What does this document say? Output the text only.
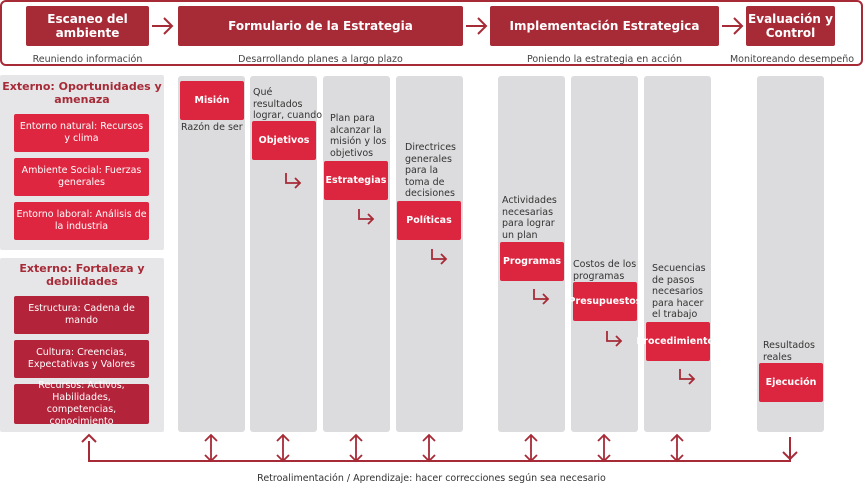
Escaneo del ambiente	Formulario de la Estrategia	Implementación Estrategica	Evaluación y Control
Reuniendo información	Desarrollando planes a largo plazo	Poniendo la estrategia en acción	Monitoreando desempeño
Externo: Oportunidades y amenaza
Entorno natural: Recursos y clima
Ambiente Social: Fuerzas generales
Entorno laboral: Análisis de la industria
Externo: Fortaleza y debilidades
Estructura: Cadena de mando
Cultura: Creencias, Expectativas y Valores
Recursos: Activos, Habilidades, competencias, conocimiento
Razón de ser
Qué resultados lograr, cuando Plan para alcanzar la misión y los objetivos	Directrices generales para la toma de decisiones
Actividades necesarias para lograr un plan
Costos de los programas
Secuencias de pasos necesarios para hacer el trabajo
Resultados reales
Misión
Objetivos
Estrategias
Políticas
Programas
Presupuestos
Procedimientos
Ejecución
Retroalimentación / Aprendizaje: hacer correcciones según sea necesario
